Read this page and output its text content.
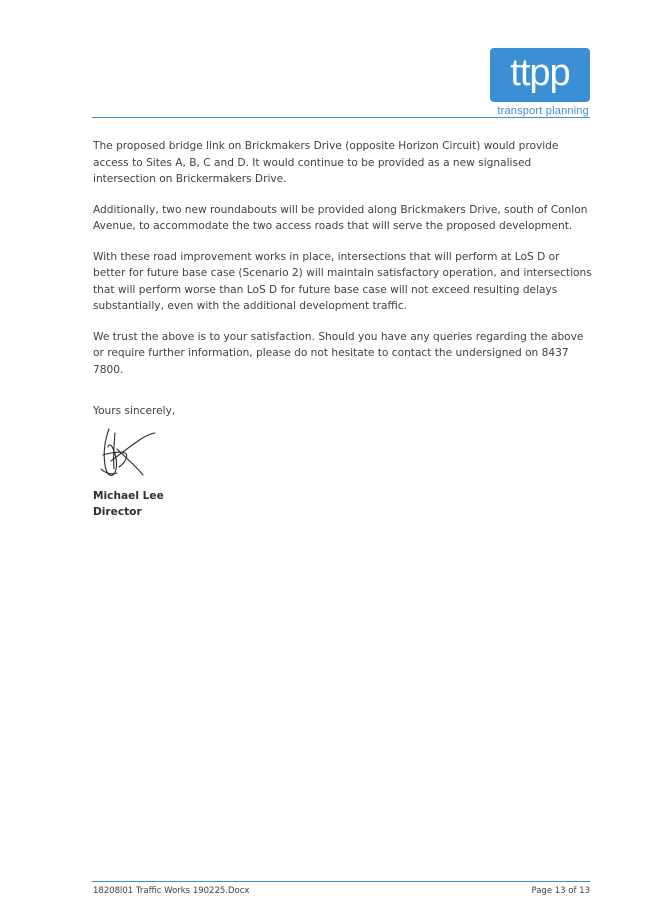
ttpp
transport planning

The proposed bridge link on Brickmakers Drive (opposite Horizon Circuit) would provide access to Sites A, B, C and D. It would continue to be provided as a new signalised intersection on Brickermakers Drive.

Additionally, two new roundabouts will be provided along Brickmakers Drive, south of Conlon Avenue, to accommodate the two access roads that will serve the proposed development.

With these road improvement works in place, intersections that will perform at LoS D or better for future base case (Scenario 2) will maintain satisfactory operation, and intersections that will perform worse than LoS D for future base case will not exceed resulting delays substantially, even with the additional development traffic.

We trust the above is to your satisfaction. Should you have any queries regarding the above or require further information, please do not hesitate to contact the undersigned on 8437 7800.

Yours sincerely,
Michael Lee
Director
18208l01 Traffic Works 190225.Docx	Page 13 of 13
